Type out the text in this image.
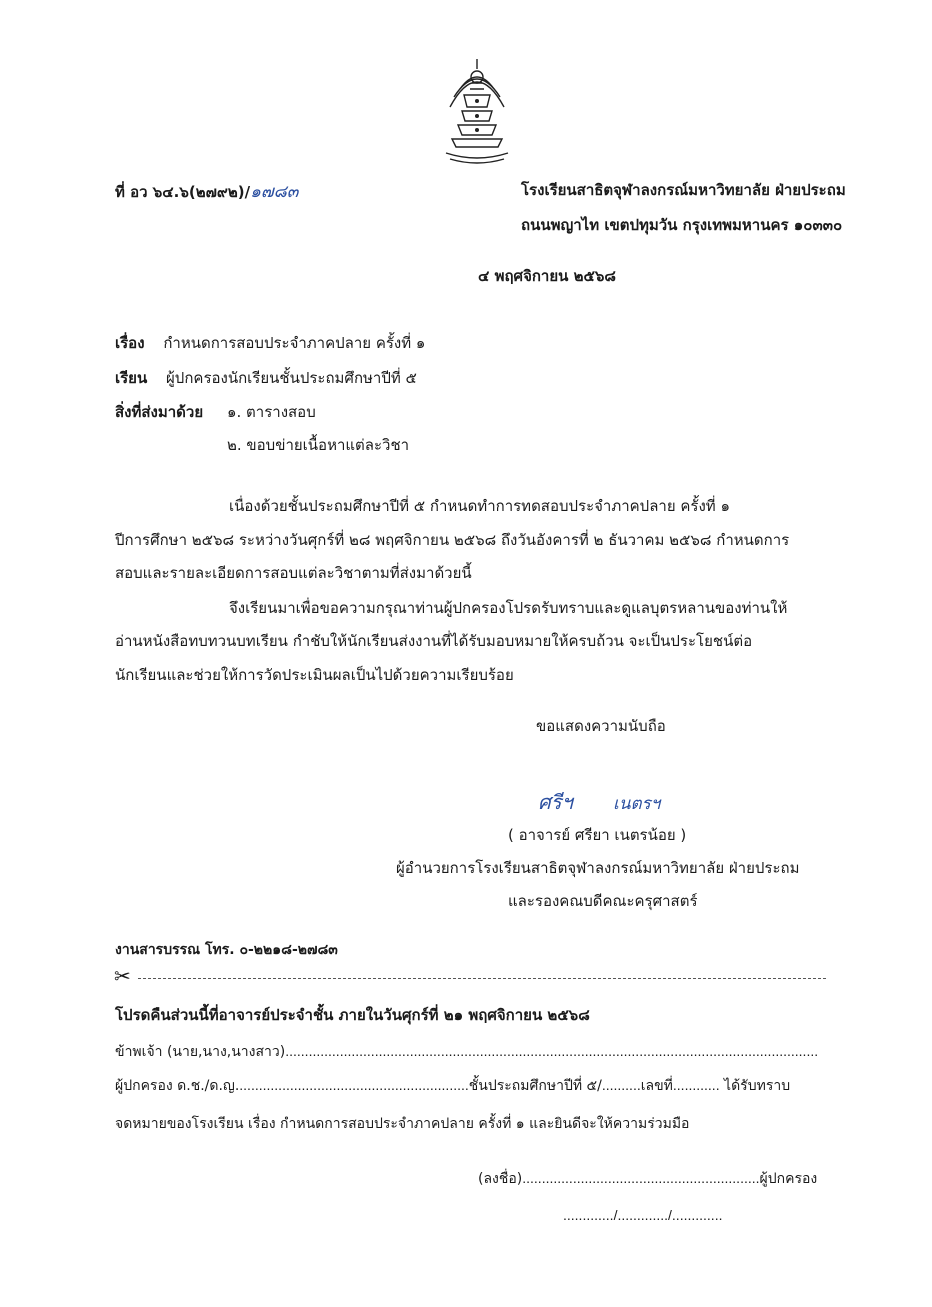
ที่ อว ๖๔.๖(๒๗๙๒)/๑๗๘๓	โรงเรียนสาธิตจุฬาลงกรณ์มหาวิทยาลัย ฝ่ายประถม
ถนนพญาไท เขตปทุมวัน กรุงเทพมหานคร ๑๐๓๓๐
๔ พฤศจิกายน ๒๕๖๘
เรื่อง กำหนดการสอบประจำภาคปลาย ครั้งที่ ๑
เรียน ผู้ปกครองนักเรียนชั้นประถมศึกษาปีที่ ๕
สิ่งที่ส่งมาด้วย ๑. ตารางสอบ
๒. ขอบข่ายเนื้อหาแต่ละวิชา
เนื่องด้วยชั้นประถมศึกษาปีที่ ๕ กำหนดทำการทดสอบประจำภาคปลาย ครั้งที่ ๑
ปีการศึกษา ๒๕๖๘ ระหว่างวันศุกร์ที่ ๒๘ พฤศจิกายน ๒๕๖๘ ถึงวันอังคารที่ ๒ ธันวาคม ๒๕๖๘ กำหนดการ
สอบและรายละเอียดการสอบแต่ละวิชาตามที่ส่งมาด้วยนี้
จึงเรียนมาเพื่อขอความกรุณาท่านผู้ปกครองโปรดรับทราบและดูแลบุตรหลานของท่านให้
อ่านหนังสือทบทวนบทเรียน กำชับให้นักเรียนส่งงานที่ได้รับมอบหมายให้ครบถ้วน จะเป็นประโยชน์ต่อ
นักเรียนและช่วยให้การวัดประเมินผลเป็นไปด้วยความเรียบร้อย
ขอแสดงความนับถือ
ศรีฯ เนตรฯ
( อาจารย์ ศรียา เนตรน้อย )
ผู้อำนวยการโรงเรียนสาธิตจุฬาลงกรณ์มหาวิทยาลัย ฝ่ายประถม
และรองคณบดีคณะครุศาสตร์
งานสารบรรณ โทร. ๐-๒๒๑๘-๒๗๘๓
✂
โปรดคืนส่วนนี้ที่อาจารย์ประจำชั้น ภายในวันศุกร์ที่ ๒๑ พฤศจิกายน ๒๕๖๘
ข้าพเจ้า (นาย,นาง,นางสาว).........................................................................................................................................
ผู้ปกครอง ด.ช./ด.ญ............................................................ชั้นประถมศึกษาปีที่ ๕/..........เลขที่............ ได้รับทราบ
จดหมายของโรงเรียน เรื่อง กำหนดการสอบประจำภาคปลาย ครั้งที่ ๑ และยินดีจะให้ความร่วมมือ
(ลงชื่อ).............................................................ผู้ปกครอง
............./............./.............
